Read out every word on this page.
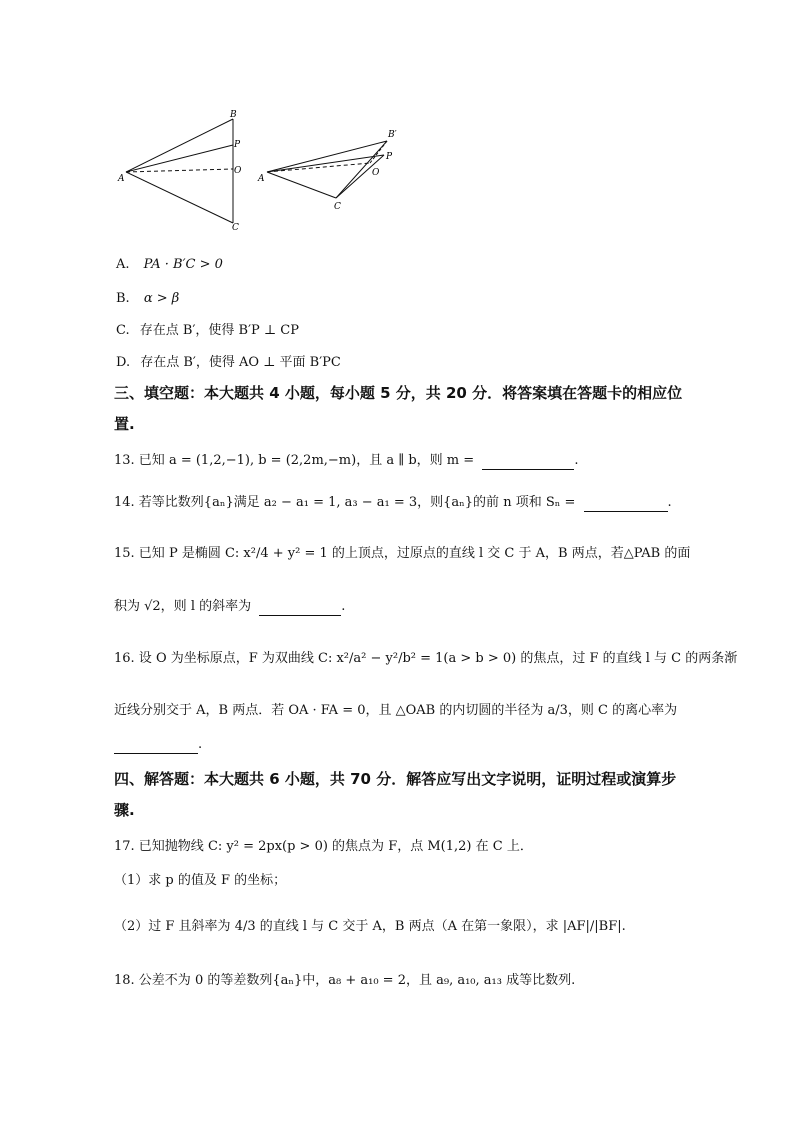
B
P
O
A
C
B′
P
O
A
C
A. PA · B′C > 0
B. α > β
C. 存在点 B′，使得 B′P ⊥ CP
D. 存在点 B′，使得 AO ⊥ 平面 B′PC
三、填空题：本大题共 4 小题，每小题 5 分，共 20 分．将答案填在答题卡的相应位
置.
13. 已知 a = (1,2,−1), b = (2,2m,−m)，且 a ∥ b，则 m =	.
14. 若等比数列{aₙ}满足 a₂ − a₁ = 1, a₃ − a₁ = 3，则{aₙ}的前 n 项和 Sₙ =	.
15. 已知 P 是椭圆 C: x²/4 + y² = 1 的上顶点，过原点的直线 l 交 C 于 A，B 两点，若△PAB 的面
积为 √2，则 l 的斜率为	.
16. 设 O 为坐标原点，F 为双曲线 C: x²/a² − y²/b² = 1(a > b > 0) 的焦点，过 F 的直线 l 与 C 的两条渐
近线分别交于 A，B 两点．若 OA · FA = 0，且 △OAB 的内切圆的半径为 a/3，则 C 的离心率为
.
四、解答题：本大题共 6 小题，共 70 分．解答应写出文字说明，证明过程或演算步
骤.
17. 已知抛物线 C: y² = 2px(p > 0) 的焦点为 F，点 M(1,2) 在 C 上．
（1）求 p 的值及 F 的坐标；
（2）过 F 且斜率为 4/3 的直线 l 与 C 交于 A，B 两点（A 在第一象限），求 |AF|/|BF|.
18. 公差不为 0 的等差数列{aₙ}中，a₈ + a₁₀ = 2，且 a₉, a₁₀, a₁₃ 成等比数列.
